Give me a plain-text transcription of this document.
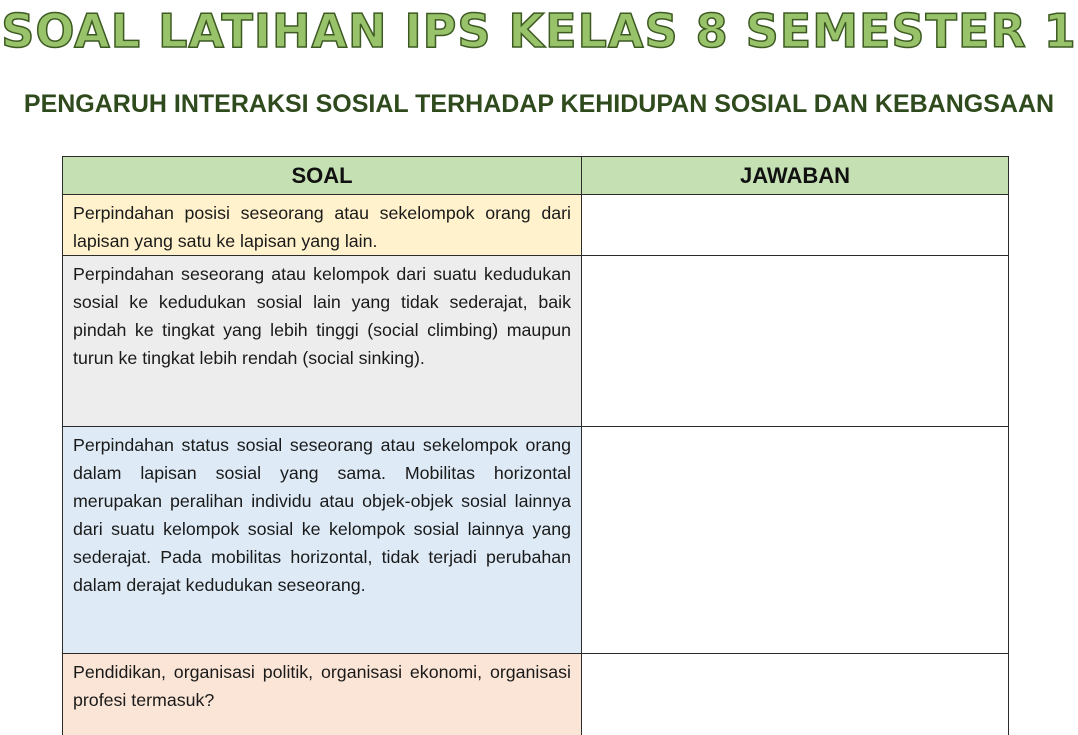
SOAL LATIHAN IPS KELAS 8 SEMESTER 1
PENGARUH INTERAKSI SOSIAL TERHADAP KEHIDUPAN SOSIAL DAN KEBANGSAAN
SOAL	JAWABAN

Perpindahan posisi seseorang atau sekelompok orang dari lapisan yang satu ke lapisan yang lain.	

Perpindahan seseorang atau kelompok dari suatu kedudukan sosial ke kedudukan sosial lain yang tidak sederajat, baik pindah ke tingkat yang lebih tinggi (social climbing) maupun turun ke tingkat lebih rendah (social sinking).	

Perpindahan status sosial seseorang atau sekelompok orang dalam lapisan sosial yang sama. Mobilitas horizontal merupakan peralihan individu atau objek-objek sosial lainnya dari suatu kelompok sosial ke kelompok sosial lainnya yang sederajat. Pada mobilitas horizontal, tidak terjadi perubahan dalam derajat kedudukan seseorang.	

Pendidikan, organisasi politik, organisasi ekonomi, organisasi profesi termasuk?	
